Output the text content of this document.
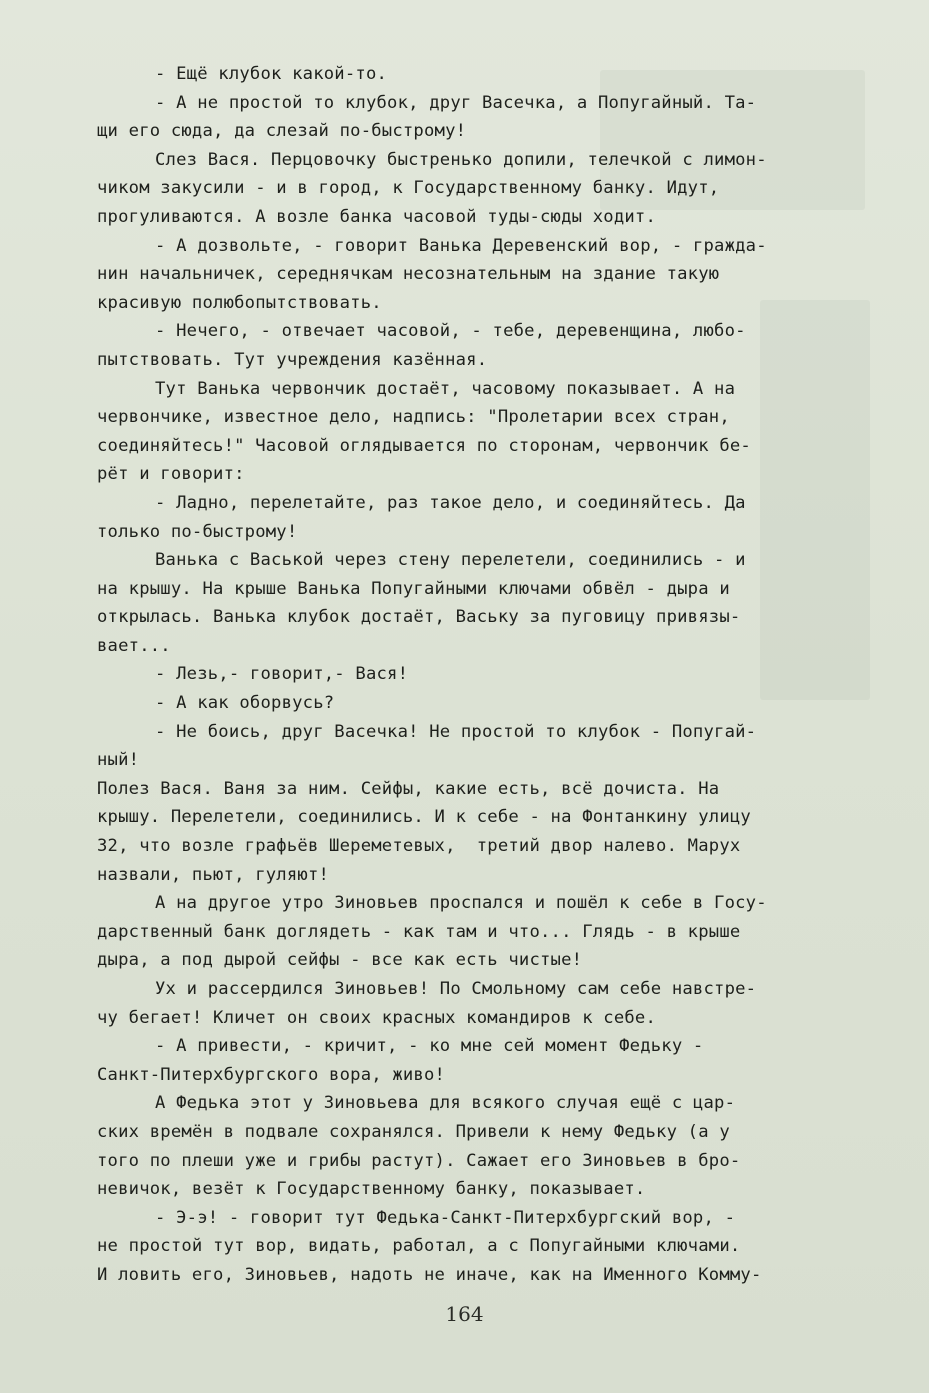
- Ещё клубок какой-то.
- А не простой то клубок, друг Васечка, а Попугайный. Та-
щи его сюда, да слезай по-быстрому!
Слез Вася. Перцовочку быстренько допили, телечкой с лимон-
чиком закусили - и в город, к Государственному банку. Идут,
прогуливаются. А возле банка часовой туды-сюды ходит.
- А дозвольте, - говорит Ванька Деревенский вор, - гражда-
нин начальничек, середнячкам несознательным на здание такую
красивую полюбопытствовать.
- Нечего, - отвечает часовой, - тебе, деревенщина, любо-
пытствовать. Тут учреждения казённая.
Тут Ванька червончик достаёт, часовому показывает. А на
червончике, известное дело, надпись: "Пролетарии всех стран,
соединяйтесь!" Часовой оглядывается по сторонам, червончик бе-
рёт и говорит:
- Ладно, перелетайте, раз такое дело, и соединяйтесь. Да
только по-быстрому!
Ванька с Васькой через стену перелетели, соединились - и
на крышу. На крыше Ванька Попугайными ключами обвёл - дыра и
открылась. Ванька клубок достаёт, Ваську за пуговицу привязы-
вает...
- Лезь,- говорит,- Вася!
- А как оборвусь?
- Не боись, друг Васечка! Не простой то клубок - Попугай-
ный!
Полез Вася. Ваня за ним. Сейфы, какие есть, всё дочиста. На
крышу. Перелетели, соединились. И к себе - на Фонтанкину улицу
32, что возле графьёв Шереметевых,  третий двор налево. Марух
назвали, пьют, гуляют!
А на другое утро Зиновьев проспался и пошёл к себе в Госу-
дарственный банк доглядеть - как там и что... Глядь - в крыше
дыра, а под дырой сейфы - все как есть чистые!
Ух и рассердился Зиновьев! По Смольному сам себе навстре-
чу бегает! Кличет он своих красных командиров к себе.
- А привести, - кричит, - ко мне сей момент Федьку -
Санкт-Питерхбургского вора, живо!
А Федька этот у Зиновьева для всякого случая ещё с цар-
ских времён в подвале сохранялся. Привели к нему Федьку (а у
того по плеши уже и грибы растут). Сажает его Зиновьев в бро-
невичок, везёт к Государственному банку, показывает.
- Э-э! - говорит тут Федька-Санкт-Питерхбургский вор, -
не простой тут вор, видать, работал, а с Попугайными ключами.
И ловить его, Зиновьев, надоть не иначе, как на Именного Комму-
164
